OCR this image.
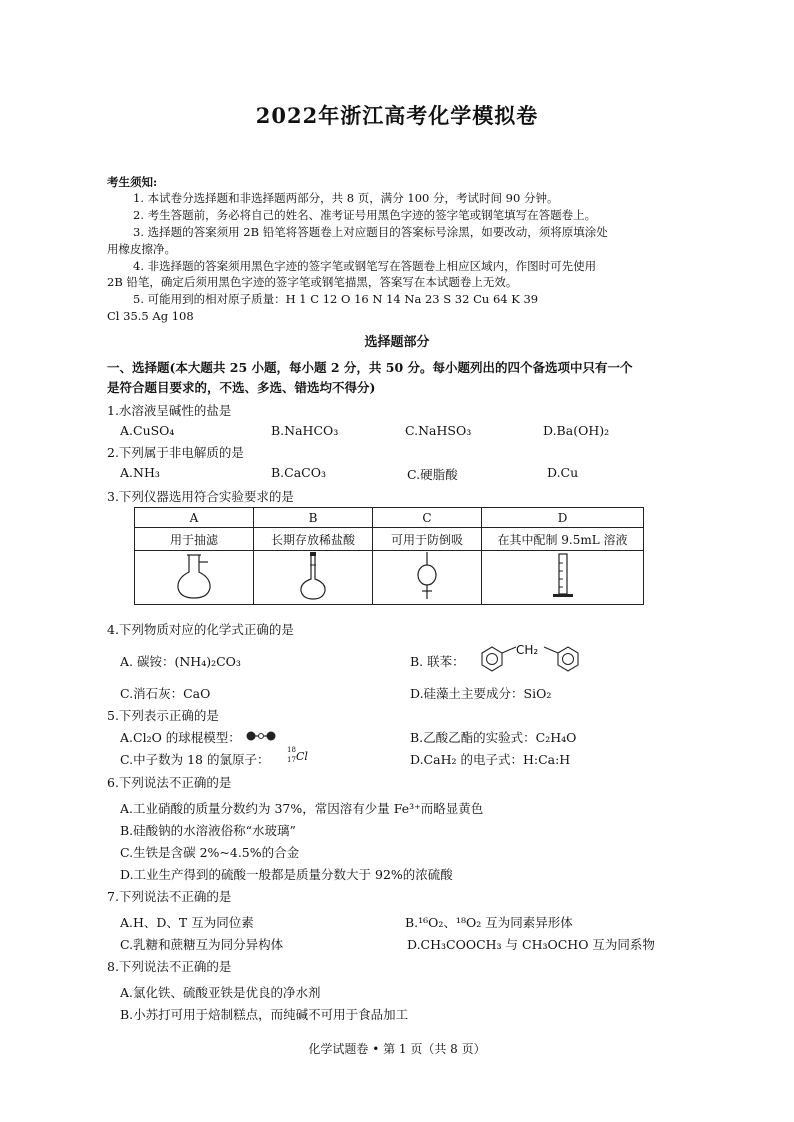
2022年浙江高考化学模拟卷
考生须知:
1. 本试卷分选择题和非选择题两部分，共 8 页，满分 100 分，考试时间 90 分钟。
2. 考生答题前，务必将自己的姓名、准考证号用黑色字迹的签字笔或钢笔填写在答题卷上。
3. 选择题的答案须用 2B 铅笔将答题卷上对应题目的答案标号涂黑，如要改动，须将原填涂处
用橡皮擦净。
4. 非选择题的答案须用黑色字迹的签字笔或钢笔写在答题卷上相应区域内，作图时可先使用
2B 铅笔，确定后须用黑色字迹的签字笔或钢笔描黑，答案写在本试题卷上无效。
5. 可能用到的相对原子质量：H 1 C 12 O 16 N 14 Na 23 S 32 Cu 64 K 39
Cl 35.5 Ag 108
选择题部分
一、选择题(本大题共 25 小题，每小题 2 分，共 50 分。每小题列出的四个备选项中只有一个
是符合题目要求的，不选、多选、错选均不得分)
1.水溶液呈碱性的盐是
A.CuSO₄	B.NaHCO₃	C.NaHSO₃	D.Ba(OH)₂
2.下列属于非电解质的是
A.NH₃	B.CaCO₃	C.硬脂酸	D.Cu
3.下列仪器选用符合实验要求的是
A	B	C	D
用于抽滤	长期存放稀盐酸	可用于防倒吸	在其中配制 9.5mL 溶液

4.下列物质对应的化学式正确的是
A. 碳铵：(NH₄)₂CO₃	B. 联苯：
CH₂
C.消石灰：CaO	D.硅藻土主要成分：SiO₂
5.下列表示正确的是
A.Cl₂O 的球棍模型：	B.乙酸乙酯的实验式：C₂H₄O
C.中子数为 18 的氯原子：
18
17 Cl	D.CaH₂ 的电子式：H:Ca:H
6.下列说法不正确的是
A.工业硝酸的质量分数约为 37%，常因溶有少量 Fe³⁺而略显黄色
B.硅酸钠的水溶液俗称“水玻璃”
C.生铁是含碳 2%~4.5%的合金
D.工业生产得到的硫酸一般都是质量分数大于 92%的浓硫酸
7.下列说法不正确的是
A.H、D、T 互为同位素	B.¹⁶O₂、¹⁸O₂ 互为同素异形体
C.乳糖和蔗糖互为同分异构体	D.CH₃COOCH₃ 与 CH₃OCHO 互为同系物
8.下列说法不正确的是
A.氯化铁、硫酸亚铁是优良的净水剂
B.小苏打可用于焙制糕点，而纯碱不可用于食品加工
化学试题卷 • 第 1 页（共 8 页）
